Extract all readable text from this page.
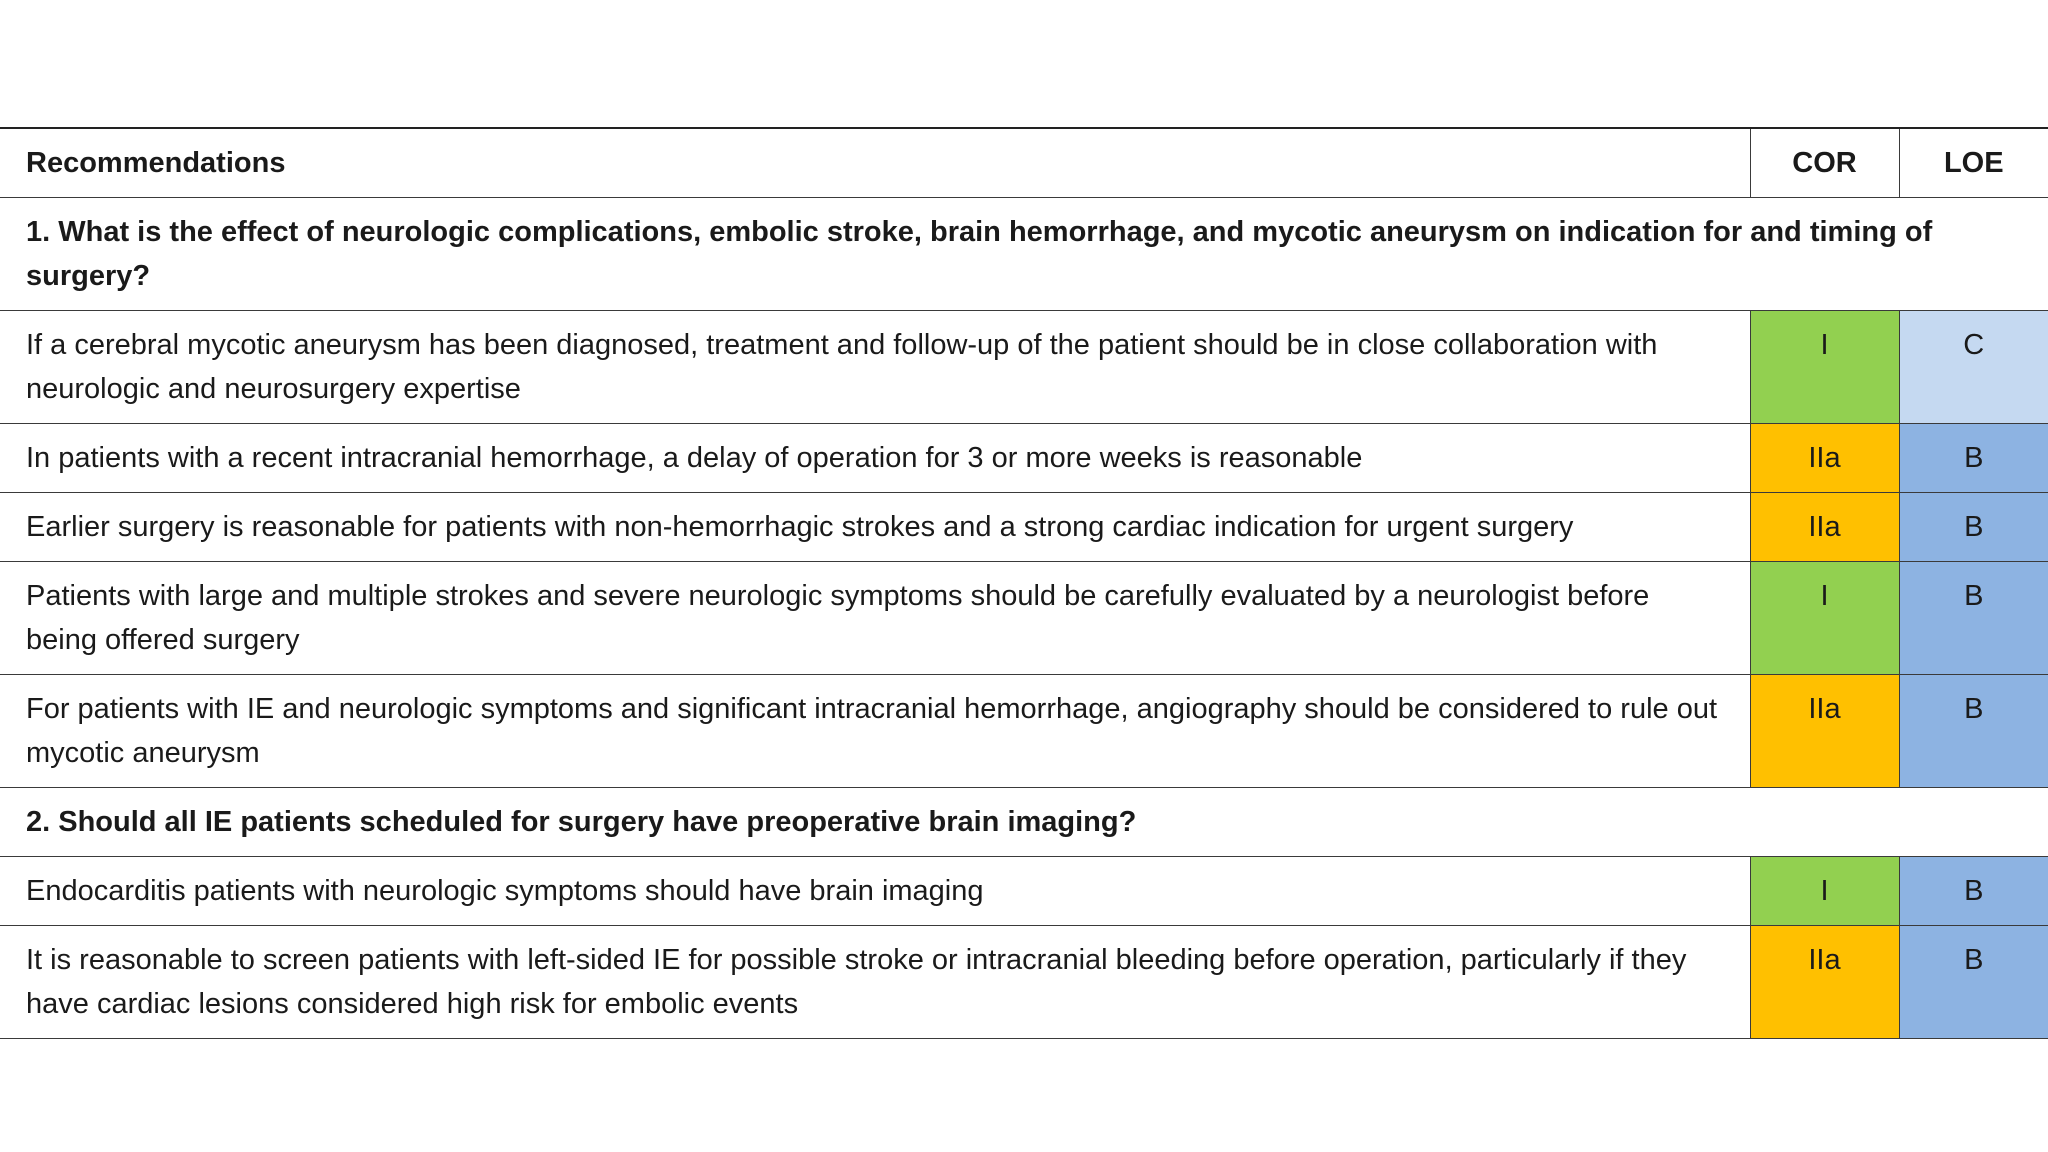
Recommendations	COR	LOE
1. What is the effect of neurologic complications, embolic stroke, brain hemorrhage, and mycotic aneurysm on indication for and timing of surgery?		
If a cerebral mycotic aneurysm has been diagnosed, treatment and follow-up of the patient should be in close collaboration with neurologic and neurosurgery expertise	I	C
In patients with a recent intracranial hemorrhage, a delay of operation for 3 or more weeks is reasonable	IIa	B
Earlier surgery is reasonable for patients with non-hemorrhagic strokes and a strong cardiac indication for urgent surgery	IIa	B
Patients with large and multiple strokes and severe neurologic symptoms should be carefully evaluated by a neurologist before being offered surgery	I	B
For patients with IE and neurologic symptoms and significant intracranial hemorrhage, angiography should be considered to rule out mycotic aneurysm	IIa	B
2. Should all IE patients scheduled for surgery have preoperative brain imaging?		
Endocarditis patients with neurologic symptoms should have brain imaging	I	B
It is reasonable to screen patients with left-sided IE for possible stroke or intracranial bleeding before operation, particularly if they have cardiac lesions considered high risk for embolic events	IIa	B
